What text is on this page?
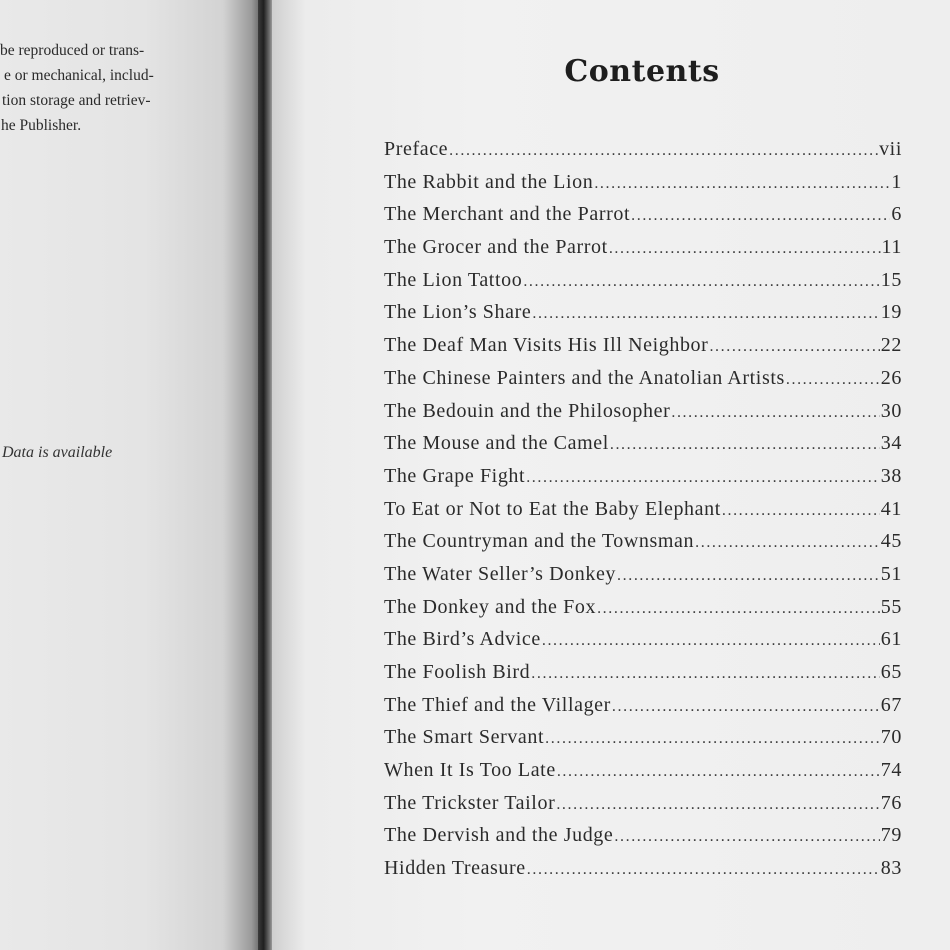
be reproduced or trans-
e or mechanical, includ-
tion storage and retriev-
he Publisher.
Data is available
Contents
Preface .....	vii
The Rabbit and the Lion .....	1
The Merchant and the Parrot .....	6
The Grocer and the Parrot .....	11
The Lion Tattoo .....	15
The Lion’s Share .....	19
The Deaf Man Visits His Ill Neighbor .....	22
The Chinese Painters and the Anatolian Artists .....	26
The Bedouin and the Philosopher .....	30
The Mouse and the Camel .....	34
The Grape Fight .....	38
To Eat or Not to Eat the Baby Elephant .....	41
The Countryman and the Townsman .....	45
The Water Seller’s Donkey .....	51
The Donkey and the Fox .....	55
The Bird’s Advice .....	61
The Foolish Bird .....	65
The Thief and the Villager .....	67
The Smart Servant .....	70
When It Is Too Late .....	74
The Trickster Tailor .....	76
The Dervish and the Judge .....	79
Hidden Treasure .....	83
